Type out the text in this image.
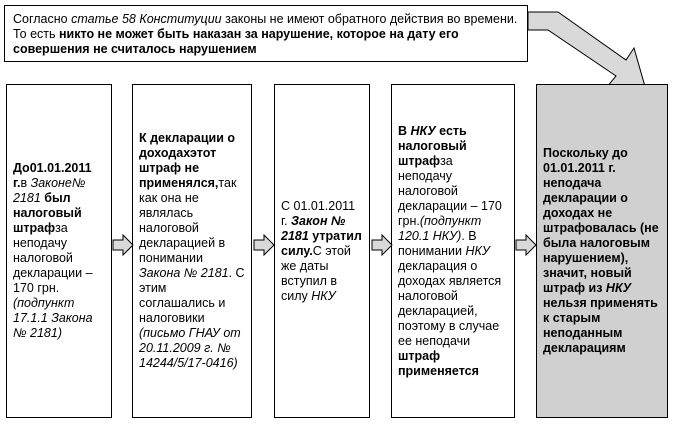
Согласно статье 58 Конституции законы не имеют обратного действия во времени. То есть никто не может быть наказан за нарушение, которое на дату его совершения не считалось нарушением
До01.01.2011 г.в Законе№ 2181 был налоговый штрафза неподачу налоговой декларации – 170 грн.(подпункт 17.1.1 Закона № 2181)
К декларации о доходахэтот штраф не применялся,так как она не являлась налоговой декларацией в понимании Закона № 2181. С этим соглашались и налоговики (письмо ГНАУ от 20.11.2009 г. № 14244/5/17-0416)
С 01.01.2011 г. Закон № 2181 утратил силу.С этой же даты вступил в силу НКУ
В НКУ есть налоговый штрафза неподачу налоговой декларации – 170 грн.(подпункт 120.1 НКУ). В понимании НКУ декларация о доходах является налоговой декларацией, поэтому в случае ее неподачи штраф применяется
Поскольку до 01.01.2011 г. неподача декларации о доходах не штрафовалась (не была налоговым нарушением), значит, новый штраф из НКУ нельзя применять к старым неподанным декларациям
